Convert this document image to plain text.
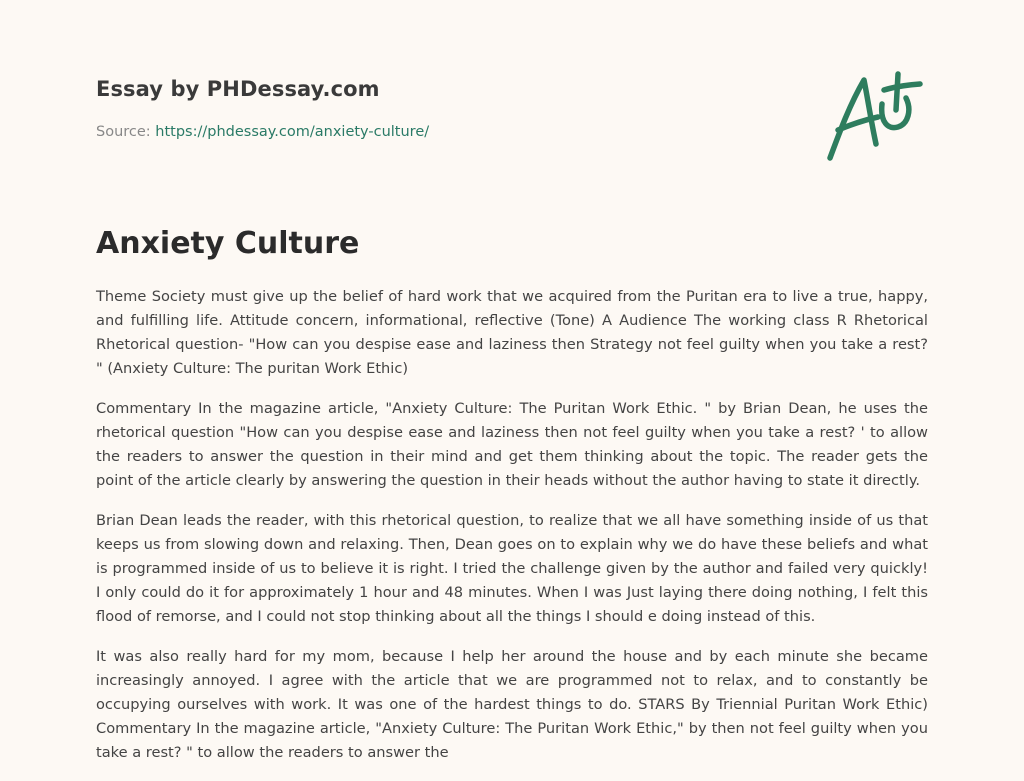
Essay by PHDessay.com
Source: https://phdessay.com/anxiety-culture/
Anxiety Culture

Theme Society must give up the belief of hard work that we acquired from the Puritan era to live a true, happy, and fulfilling life. Attitude concern, informational, reflective (Tone) A Audience The working class R Rhetorical Rhetorical question- "How can you despise ease and laziness then Strategy not feel guilty when you take a rest? " (Anxiety Culture: The puritan Work Ethic)

Commentary In the magazine article, "Anxiety Culture: The Puritan Work Ethic. " by Brian Dean, he uses the rhetorical question "How can you despise ease and laziness then not feel guilty when you take a rest? ' to allow the readers to answer the question in their mind and get them thinking about the topic. The reader gets the point of the article clearly by answering the question in their heads without the author having to state it directly.

Brian Dean leads the reader, with this rhetorical question, to realize that we all have something inside of us that keeps us from slowing down and relaxing. Then, Dean goes on to explain why we do have these beliefs and what is programmed inside of us to believe it is right. I tried the challenge given by the author and failed very quickly! I only could do it for approximately 1 hour and 48 minutes. When I was Just laying there doing nothing, I felt this flood of remorse, and I could not stop thinking about all the things I should e doing instead of this.

It was also really hard for my mom, because I help her around the house and by each minute she became increasingly annoyed. I agree with the article that we are programmed not to relax, and to constantly be occupying ourselves with work. It was one of the hardest things to do. STARS By Triennial Puritan Work Ethic) Commentary In the magazine article, "Anxiety Culture: The Puritan Work Ethic," by then not feel guilty when you take a rest? " to allow the readers to answer the
